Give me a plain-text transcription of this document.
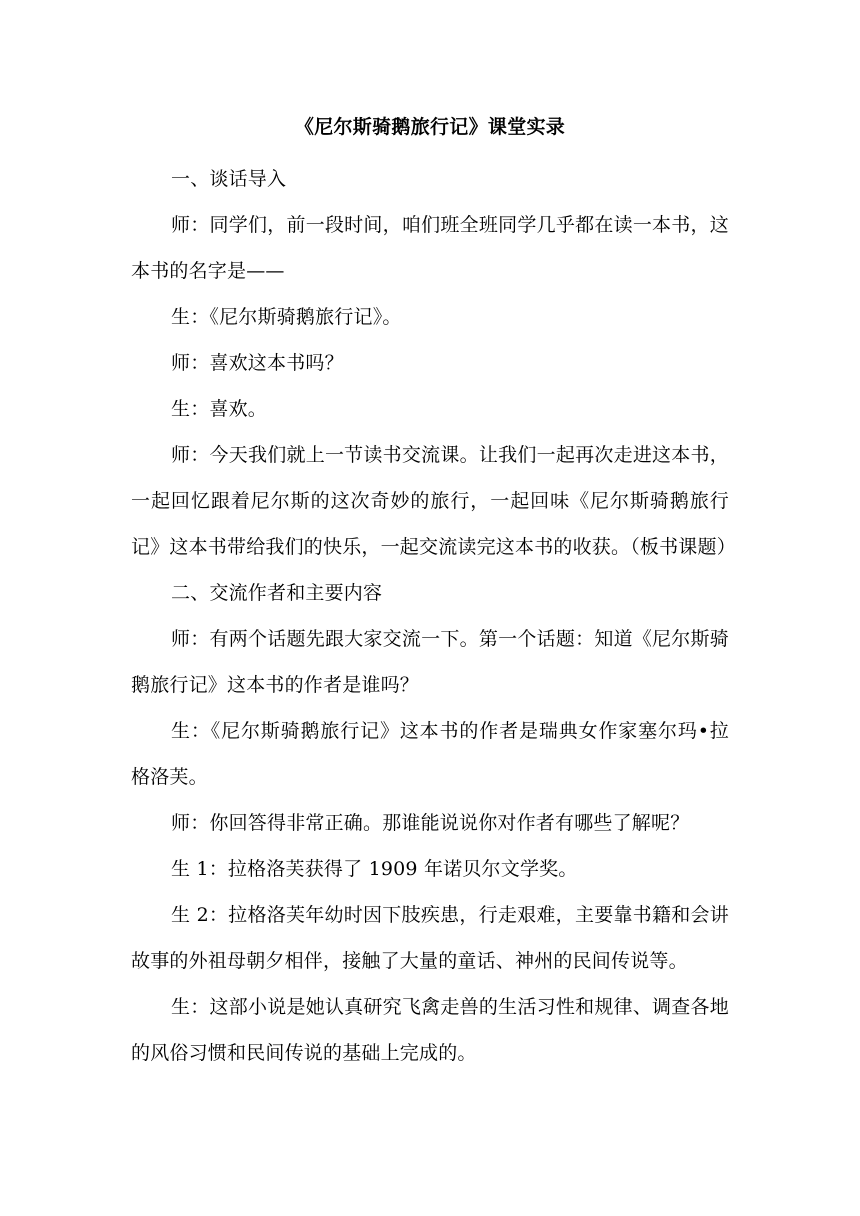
《尼尔斯骑鹅旅行记》课堂实录

一、谈话导入

师：同学们，前一段时间，咱们班全班同学几乎都在读一本书，这本书的名字是——

生：《尼尔斯骑鹅旅行记》。

师：喜欢这本书吗？

生：喜欢。

师：今天我们就上一节读书交流课。让我们一起再次走进这本书，一起回忆跟着尼尔斯的这次奇妙的旅行，一起回味《尼尔斯骑鹅旅行记》这本书带给我们的快乐，一起交流读完这本书的收获。（板书课题）

二、交流作者和主要内容

师：有两个话题先跟大家交流一下。第一个话题：知道《尼尔斯骑鹅旅行记》这本书的作者是谁吗？

生：《尼尔斯骑鹅旅行记》这本书的作者是瑞典女作家塞尔玛•拉格洛芙。

师：你回答得非常正确。那谁能说说你对作者有哪些了解呢？

生 1：拉格洛芙获得了 1909 年诺贝尔文学奖。

生 2：拉格洛芙年幼时因下肢疾患，行走艰难，主要靠书籍和会讲故事的外祖母朝夕相伴，接触了大量的童话、神州的民间传说等。

生：这部小说是她认真研究飞禽走兽的生活习性和规律、调查各地的风俗习惯和民间传说的基础上完成的。
